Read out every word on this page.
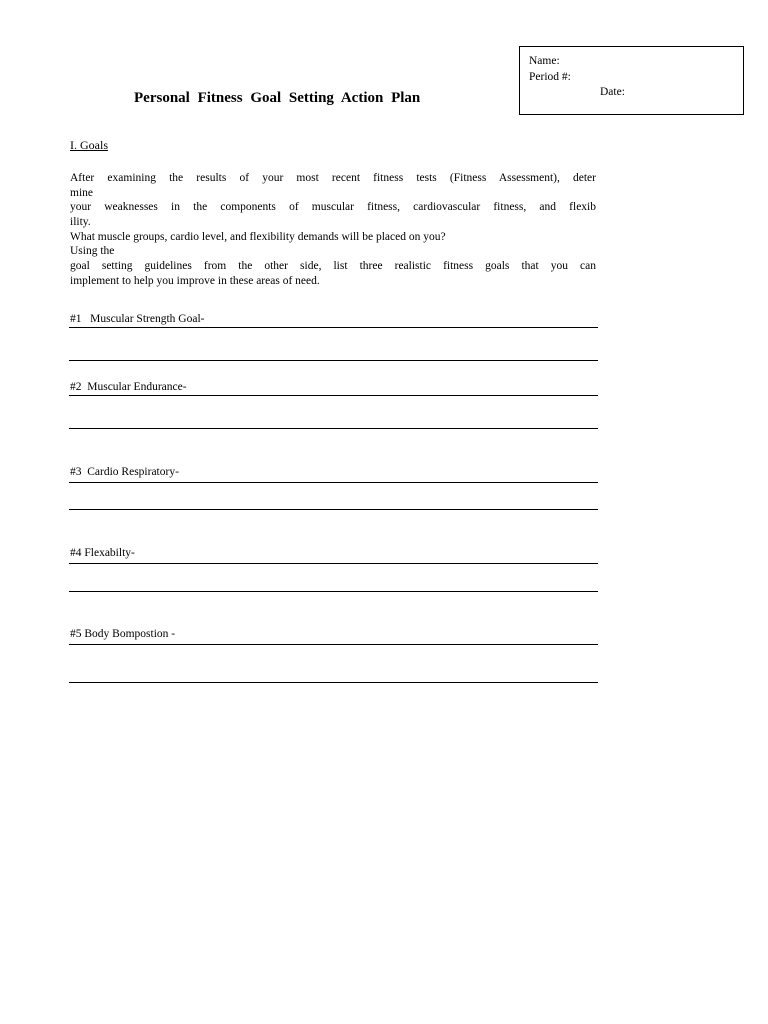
Name:
Period #:
Date:
Personal Fitness Goal Setting Action Plan
I. Goals
After examining the results of your most recent fitness tests (Fitness Assessment), deter
mine
your weaknesses in the components of muscular fitness, cardiovascular fitness, and flexib
ility.
What muscle groups, cardio level, and flexibility demands will be placed on you?
Using the
goal setting guidelines from the other side, list three realistic fitness goals that you can
implement to help you improve in these areas of need.
#1   Muscular Strength Goal-
#2  Muscular Endurance-
#3  Cardio Respiratory-
#4 Flexabilty-
#5 Body Bompostion -
